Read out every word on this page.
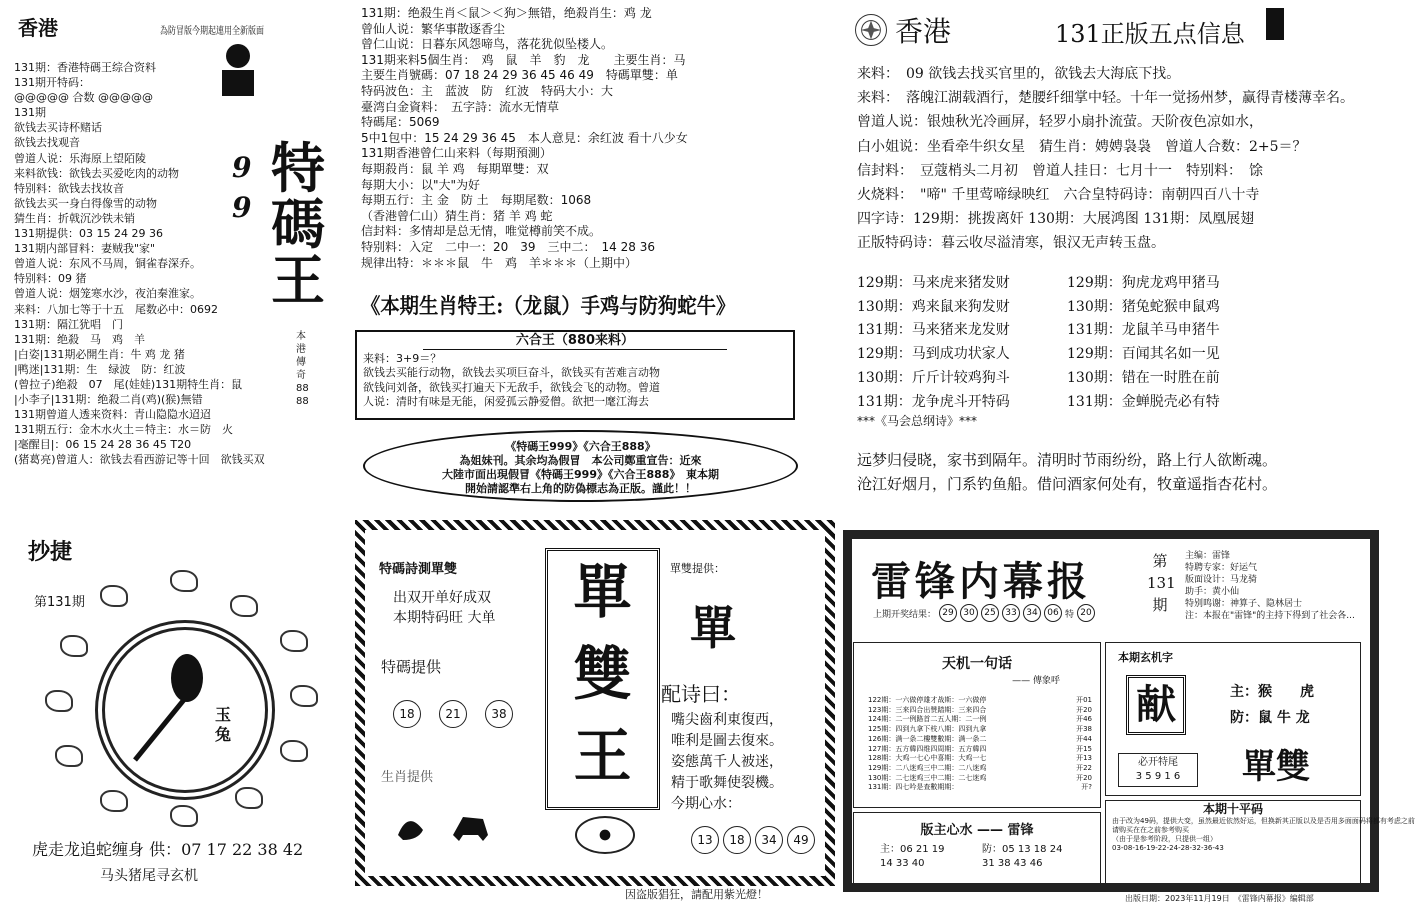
香港	為防冒版今期起連用全新版面
特碼王
9
9
本港傳奇8888
131期：香港特碼王综合资料
131期开特码：
@@@@@ 合数 @@@@@
131期
欲钱去买诗杯赌话
欲钱去找观音
曾道人说：乐海原上望陌陵
来料欲钱：欲钱去买爱吃肉的动物
特别料：欲钱去找妆音
欲钱去买一身白得像雪的动物
猜生肖：折戟沉沙铁未销
131期提供：03 15 24 29 36
131期内部冒料：妻贼我"家"
曾道人说：东风不马周，铜雀春深乔。
特别料：09 猪
曾道人说：烟笼寒水沙，夜泊秦淮家。
来料：八加七等于十五　尾数必中：0692
131期：隔江犹唱　门
131期：绝殺　马　鸡　羊
|白姿|131期必開生肖：牛 鸡 龙 猪
|鸭迷|131期：生　绿波　防：红波
(曾拉子)绝殺　07　尾(娃娃)131期特生肖：鼠
|小李子|131期：绝殺二肖(鸡)(猴)無错
131期曾道人透来资料：青山隐隐水迢迢
131期五行：金木水火土＝特主：水＝防　火
|毫醒目|：06 15 24 28 36 45 T20
(猪葛亮)曾道人：欲钱去看西游记等十回　欲钱买双
131期：绝殺生肖＜鼠＞＜狗＞無错，绝殺肖生：鸡 龙
曾仙人说：繁华事散逐香尘
曾仁山说：日暮东风怨啼鸟，落花犹似坠楼人。
131期来料5個生肖：　鸡　鼠　羊　豹　龙　　主要生肖：马
主要生肖號碼：07 18 24 29 36 45 46 49　特碼單雙：单
特码波色：主　蓝波　防　红波　特码大小：大
臺湾白金資料：　五字詩：流水无情草
特碼尾：5069
5中1包中：15 24 29 36 45　本人意見：余红波 看十八少女
131期香港曾仁山来料（每期預測）
每期殺肖：鼠 羊 鸡　每期單雙：双
每期大小：以"大"为好
每期五行：主 金　防 土　每期尾数：1068
（香港曾仁山）猜生肖：猪 羊 鸡 蛇
信封料：多情却是总无情，唯觉樽前笑不成。
特别料：入定　二中一：20　39　三中二：　14 28 36
规律出特：＊＊＊鼠　牛　鸡　羊＊＊＊（上期中）
《本期生肖特王:（龙鼠）手鸡与防狗蛇牛》
六合王（880来料）
来料：3+9＝？
欲钱去买能行动物，欲钱去买项巨奋斗，欲钱买有苦难言动物
欲钱问刘备，欲钱买打遍天下无敌手，欲钱会飞的动物。曾道
人说：清时有味是无能，闲爱孤云静爱僧。欲把一麾江海去
《特碼王999》《六合王888》
為姐妹刊。其余均為假冒　本公司鄭重宣告：近來
大陸市面出現假冒《特碼王999》《六合王888》　東本期
開始請認準右上角的防偽標志為正版。謹此！！
香港	131正版五点信息
来料：　09 欲钱去找买官里的，欲钱去大海底下找。
来料：　落魄江湖载酒行，楚腰纤细掌中轻。十年一觉扬州梦，赢得青楼薄幸名。
曾道人说：银烛秋光冷画屏，轻罗小扇扑流萤。天阶夜色凉如水，
白小姐说：坐看牵牛织女星　猜生肖：娉娉袅袅　曾道人合数：2+5＝？
信封料：　豆蔻梢头二月初　曾道人挂日：七月十一　特别料：　馀
火烧料：　"啼" 千里莺啼绿映红　六合皇特码诗：南朝四百八十寺
四字诗：129期：挑拨离奸 130期：大展鸿图 131期：凤凰展翅
正版特码诗：暮云收尽溢清寒，银汉无声转玉盘。
129期：马来虎来猪发财	129期：狗虎龙鸡甲猪马
130期：鸡来鼠来狗发财	130期：猪兔蛇猴申鼠鸡
131期：马来猪来龙发财	131期：龙鼠羊马申猪牛
129期：马到成功状家人	129期：百闻其名如一见
130期：斤斤计较鸡狗斗	130期：错在一时胜在前
131期：龙争虎斗开特码	131期：金蝉脱壳必有特
***《马会总纲诗》***
远梦归侵晓，家书到隔年。清明时节雨纷纷，路上行人欲断魂。
沧江好烟月，门系钓鱼船。借问酒家何处有，牧童遥指杏花村。
抄捷
第131期
玉兔
虎走龙追蛇缠身 供：07 17 22 38 42
马头猪尾寻玄机
特碼詩測單雙
出双开单好成双
本期特码旺 大单
特碼提供
18	21	38
生肖提供
單
雙
王
單雙提供：
單
配诗曰：
嘴尖齒利東復西，
唯利是圖去復來。
姿態萬千人被迷，
精于歌舞使裂機。
今期心水：
13	18	34	49
因盗版猖狂，請配用紫光燈！
雷锋内幕报	第131期
主编：雷锋
特聘专家：好运气
版面设计：马龙骑
助手：黄小仙
特别鸣谢：神算子、隐林居士
注：本报在"雷锋"的主持下得到了社会各...
上期开奖结果： 29	30	25	33	34	06 特 20
天机一句话
—— 傳象呼
122期：一六做停雄才战斯：一六做停	开01
123期：三来四合出赞踏期：三来四合	开20
124期：二一例路首二五人期：二一例	开46
125期：四到九拿下枝八期：四到九拿	开38
126期：满一条二樓雙數期：满一条二	开44
127期：五方韓四维四周期：五方韓四	开15
128期：大鸡一七心中喜期：大鸡一七	开13
129期：二八迷鸡三中二期：二八迷鸡	开22
130期：二七迷鸡三中二期：二七迷鸡	开20
131期：四七吟是查數期期：	开?
版主心水 —— 雷锋
主：06 21 19
14 33 40
防：05 13 18 24
31 38 43 46
本期玄机字
献	主：猴　　虎
防：鼠 牛 龙
必开特尾
3 5 9 1 6	單雙
本期十平码
由于改为49码，提供大变，虽然最近依然好运，但换新其正版以及是否用多面面码将都有考虑之前
请购买在在之前参考购买
（由于是参考阶段，只提供一组）
03-08-16-19-22-24-28-32-36-43
出版日期：2023年11月19日　《雷锋内幕报》编辑部
